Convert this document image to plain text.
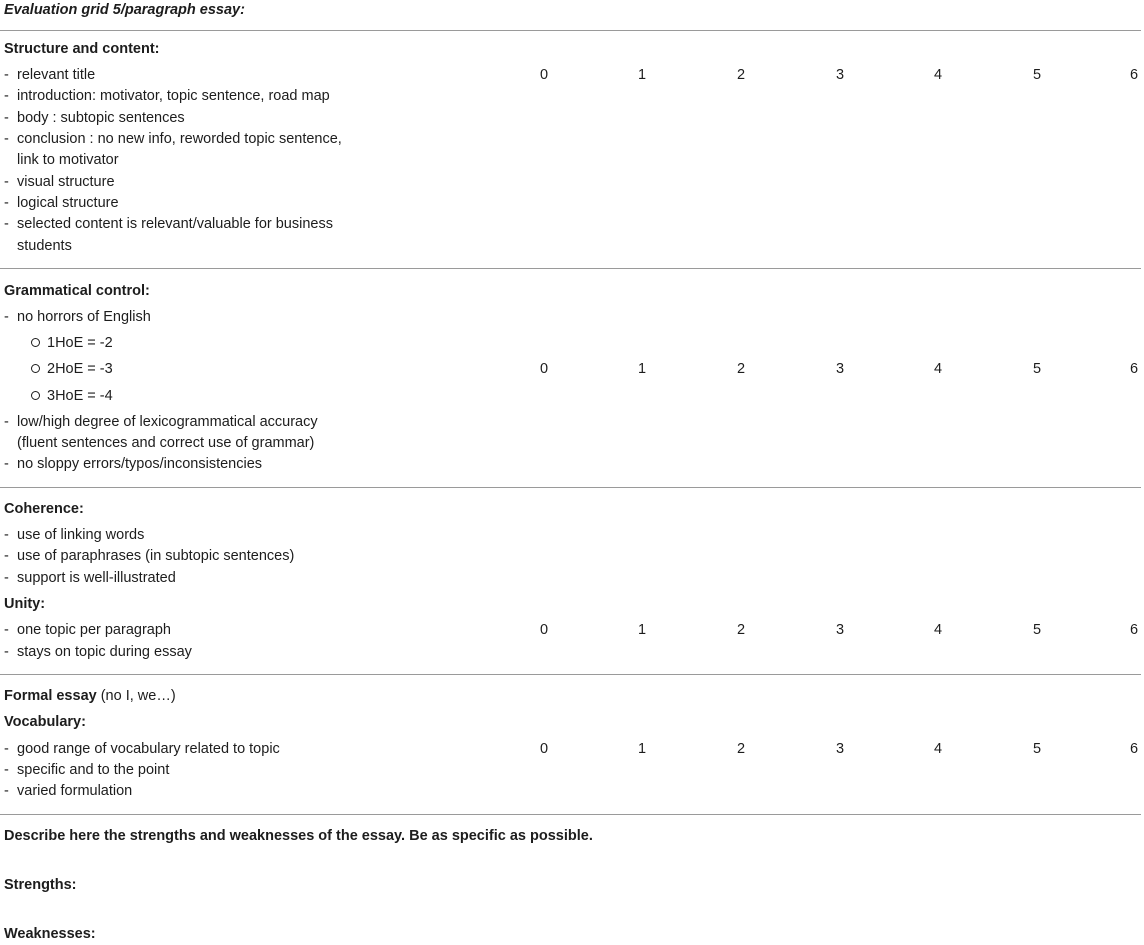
Evaluation grid 5/paragraph essay:
Structure and content:
- relevant title
- introduction: motivator, topic sentence, road map
- body : subtopic sentences
- conclusion : no new info, reworded topic sentence,
link to motivator
- visual structure
- logical structure
- selected content is relevant/valuable for business
students
0	1	2	3	4	5	6
Grammatical control:
- no horrors of English
1HoE = -2
2HoE = -3
3HoE = -4
- low/high degree of lexicogrammatical accuracy
(fluent sentences and correct use of grammar)
- no sloppy errors/typos/inconsistencies
0	1	2	3	4	5	6
Coherence:
- use of linking words
- use of paraphrases (in subtopic sentences)
- support is well-illustrated
Unity:
- one topic per paragraph
- stays on topic during essay
0	1	2	3	4	5	6
Formal essay (no I, we…)
Vocabulary:
- good range of vocabulary related to topic
- specific and to the point
- varied formulation
0	1	2	3	4	5	6
Describe here the strengths and weaknesses of the essay. Be as specific as possible.
Strengths:
Weaknesses:
